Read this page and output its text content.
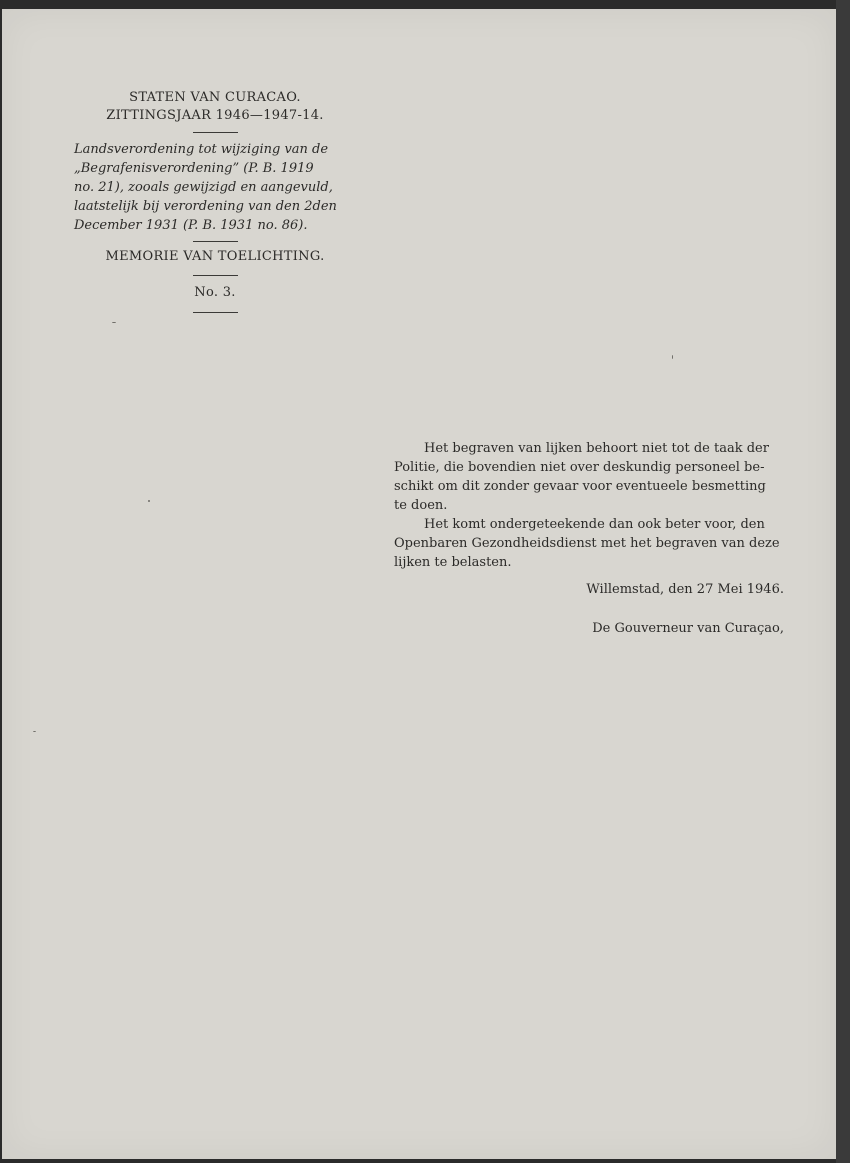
STATEN VAN CURACAO.
ZITTINGSJAAR 1946—1947-14.
Landsverordening tot wijziging van de
„Begrafenisverordening” (P. B. 1919
no. 21), zooals gewijzigd en aangevuld,
laatstelijk bij verordening van den 2den
December 1931 (P. B. 1931 no. 86).
MEMORIE VAN TOELICHTING.
No. 3.
Het begraven van lijken behoort niet tot de taak der
Politie, die bovendien niet over deskundig personeel be-
schikt om dit zonder gevaar voor eventueele besmetting
te doen.
Het komt ondergeteekende dan ook beter voor, den
Openbaren Gezondheidsdienst met het begraven van deze
lijken te belasten.
Willemstad, den 27 Mei 1946.
De Gouverneur van Curaçao,
